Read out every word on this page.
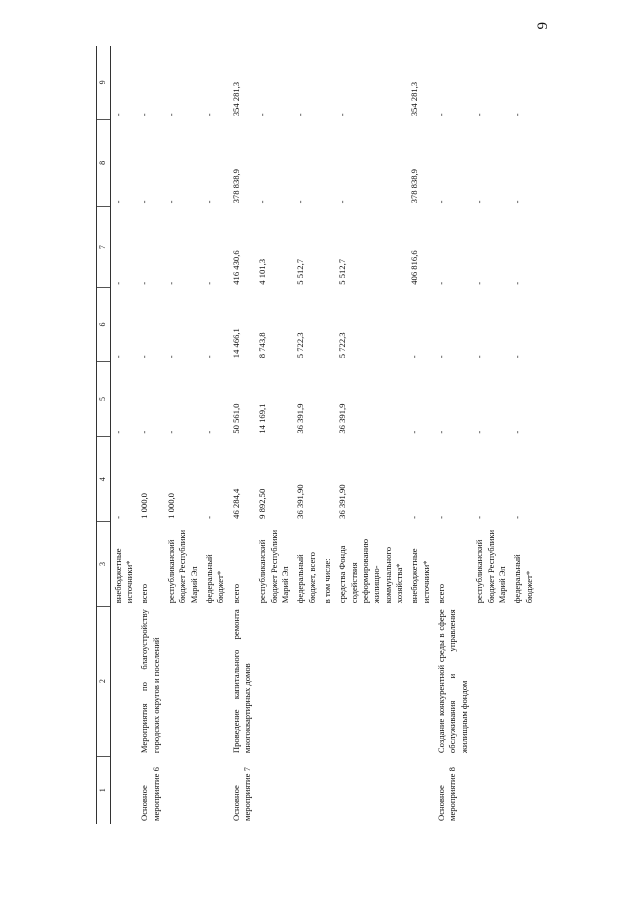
9
1	2	3	4	5	6	7	8	9
		внебюджетные источники*	-	-	-	-	-	-
Основное мероприятие 6	Мероприятия по благоустройству городских округов и поселений	всего	1 000,0	-	-	-	-	-
		республиканский бюджет Республики Марий Эл	1 000,0	-	-	-	-	-
		федеральный бюджет*	-	-	-	-	-	-
Основное мероприятие 7	Проведение капитального ремонта многоквартирных домов	всего	46 284,4	50 561,0	14 466,1	416 430,6	378 838,9	354 281,3
		республиканский бюджет Республики Марий Эл	9 892,50	14 169,1	8 743,8	4 101,3	-	-
		федеральный бюджет, всего	36 391,90	36 391,9	5 722,3	5 512,7	-	-
		в том числе:						
		средства Фонда содействия реформированию жилищно-коммунального хозяйства*	36 391,90	36 391,9	5 722,3	5 512,7	-	-
		внебюджетные источники*	-	-	-	406 816,6	378 838,9	354 281,3
Основное мероприятие 8	Создание конкурентной среды в сфере обслуживания и управления жилищным фондом	всего	-	-	-	-	-	-
		республиканский бюджет Республики Марий Эл	-	-	-	-	-	-
		федеральный бюджет*	-	-	-	-	-	-
